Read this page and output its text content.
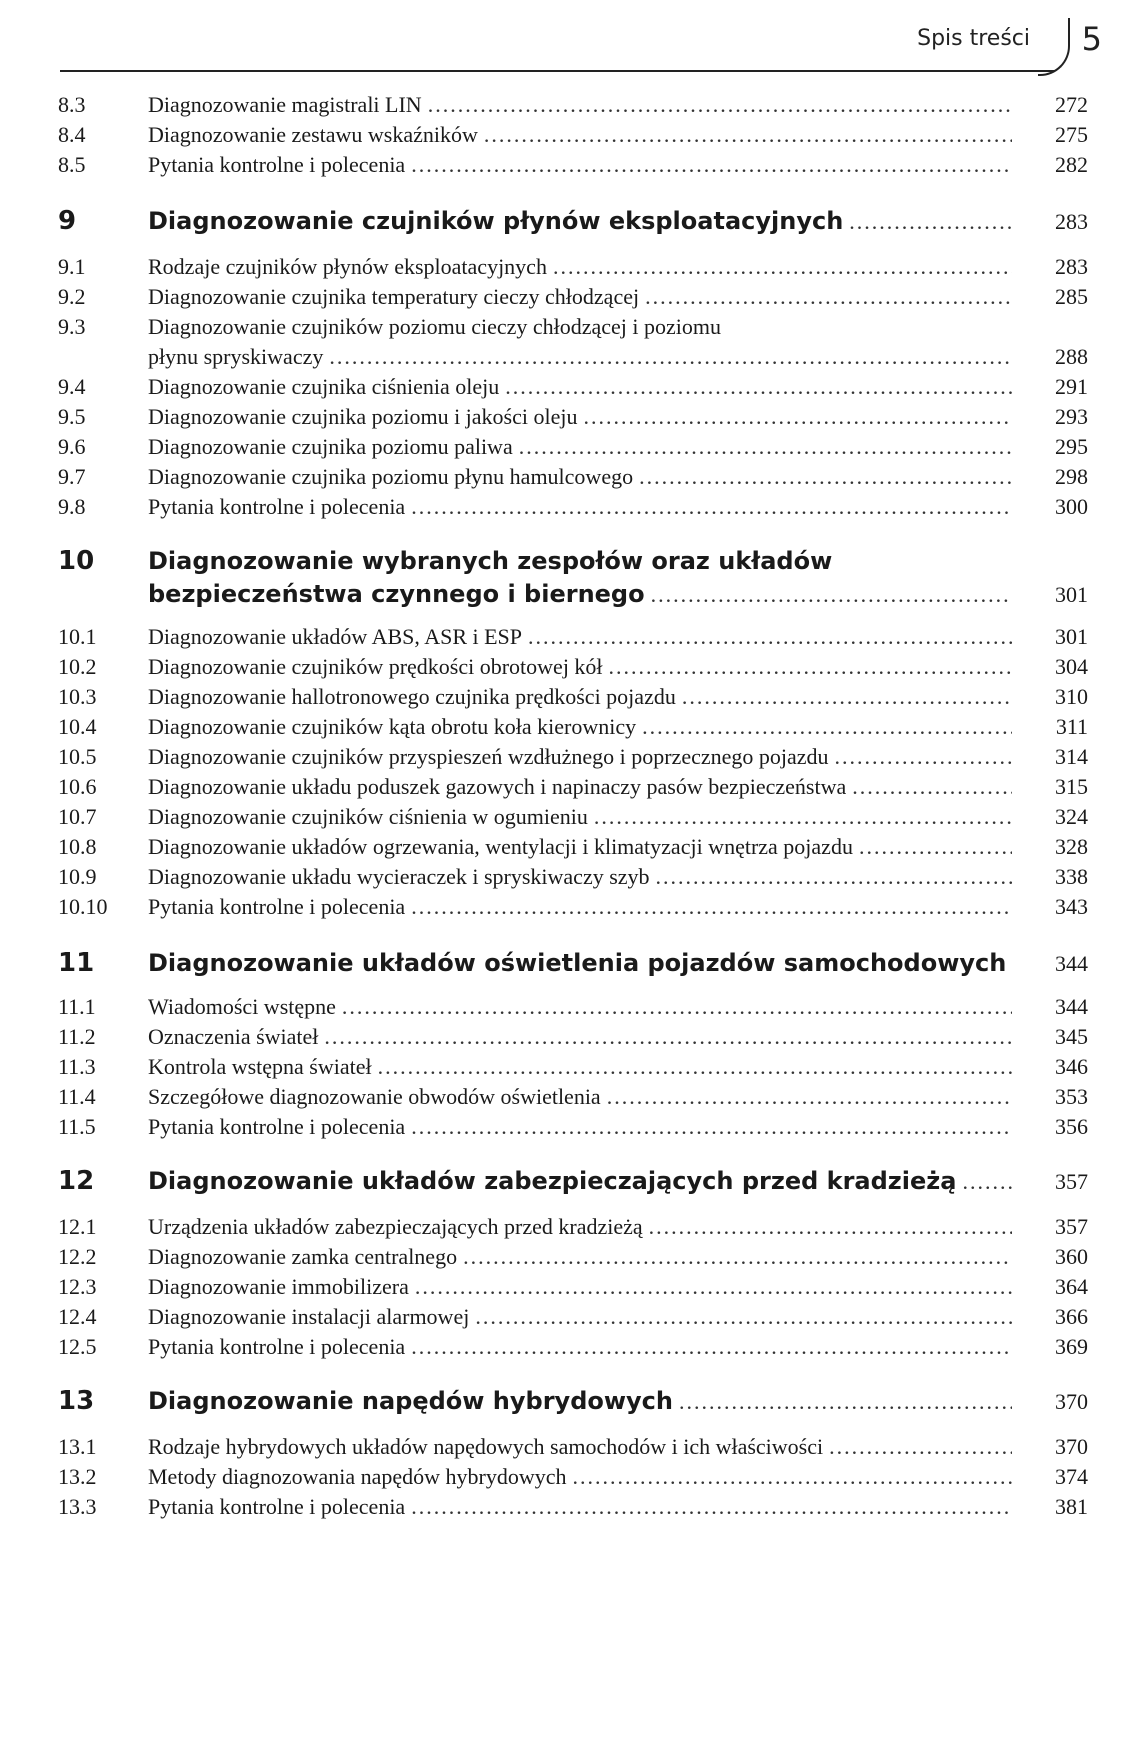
Spis treści 5
8.3	Diagnozowanie magistrali LIN .....	272
8.4	Diagnozowanie zestawu wskaźników .....	275
8.5	Pytania kontrolne i polecenia .....	282
9	Diagnozowanie czujników płynów eksploatacyjnych .....	283
9.1	Rodzaje czujników płynów eksploatacyjnych .....	283
9.2	Diagnozowanie czujnika temperatury cieczy chłodzącej .....	285
9.3	Diagnozowanie czujników poziomu cieczy chłodzącej i poziomu
płynu spryskiwaczy .....	288
9.4	Diagnozowanie czujnika ciśnienia oleju .....	291
9.5	Diagnozowanie czujnika poziomu i jakości oleju .....	293
9.6	Diagnozowanie czujnika poziomu paliwa .....	295
9.7	Diagnozowanie czujnika poziomu płynu hamulcowego .....	298
9.8	Pytania kontrolne i polecenia .....	300
10	Diagnozowanie wybranych zespołów oraz układów
bezpieczeństwa czynnego i biernego .....	301
10.1	Diagnozowanie układów ABS, ASR i ESP .....	301
10.2	Diagnozowanie czujników prędkości obrotowej kół .....	304
10.3	Diagnozowanie hallotronowego czujnika prędkości pojazdu .....	310
10.4	Diagnozowanie czujników kąta obrotu koła kierownicy .....	311
10.5	Diagnozowanie czujników przyspieszeń wzdłużnego i poprzecznego pojazdu .....	314
10.6	Diagnozowanie układu poduszek gazowych i napinaczy pasów bezpieczeństwa .....	315
10.7	Diagnozowanie czujników ciśnienia w ogumieniu .....	324
10.8	Diagnozowanie układów ogrzewania, wentylacji i klimatyzacji wnętrza pojazdu .....	328
10.9	Diagnozowanie układu wycieraczek i spryskiwaczy szyb .....	338
10.10	Pytania kontrolne i polecenia .....	343
11	Diagnozowanie układów oświetlenia pojazdów samochodowych	344
11.1	Wiadomości wstępne .....	344
11.2	Oznaczenia świateł .....	345
11.3	Kontrola wstępna świateł .....	346
11.4	Szczegółowe diagnozowanie obwodów oświetlenia .....	353
11.5	Pytania kontrolne i polecenia .....	356
12	Diagnozowanie układów zabezpieczających przed kradzieżą .....	357
12.1	Urządzenia układów zabezpieczających przed kradzieżą .....	357
12.2	Diagnozowanie zamka centralnego .....	360
12.3	Diagnozowanie immobilizera .....	364
12.4	Diagnozowanie instalacji alarmowej .....	366
12.5	Pytania kontrolne i polecenia .....	369
13	Diagnozowanie napędów hybrydowych .....	370
13.1	Rodzaje hybrydowych układów napędowych samochodów i ich właściwości .....	370
13.2	Metody diagnozowania napędów hybrydowych .....	374
13.3	Pytania kontrolne i polecenia .....	381
